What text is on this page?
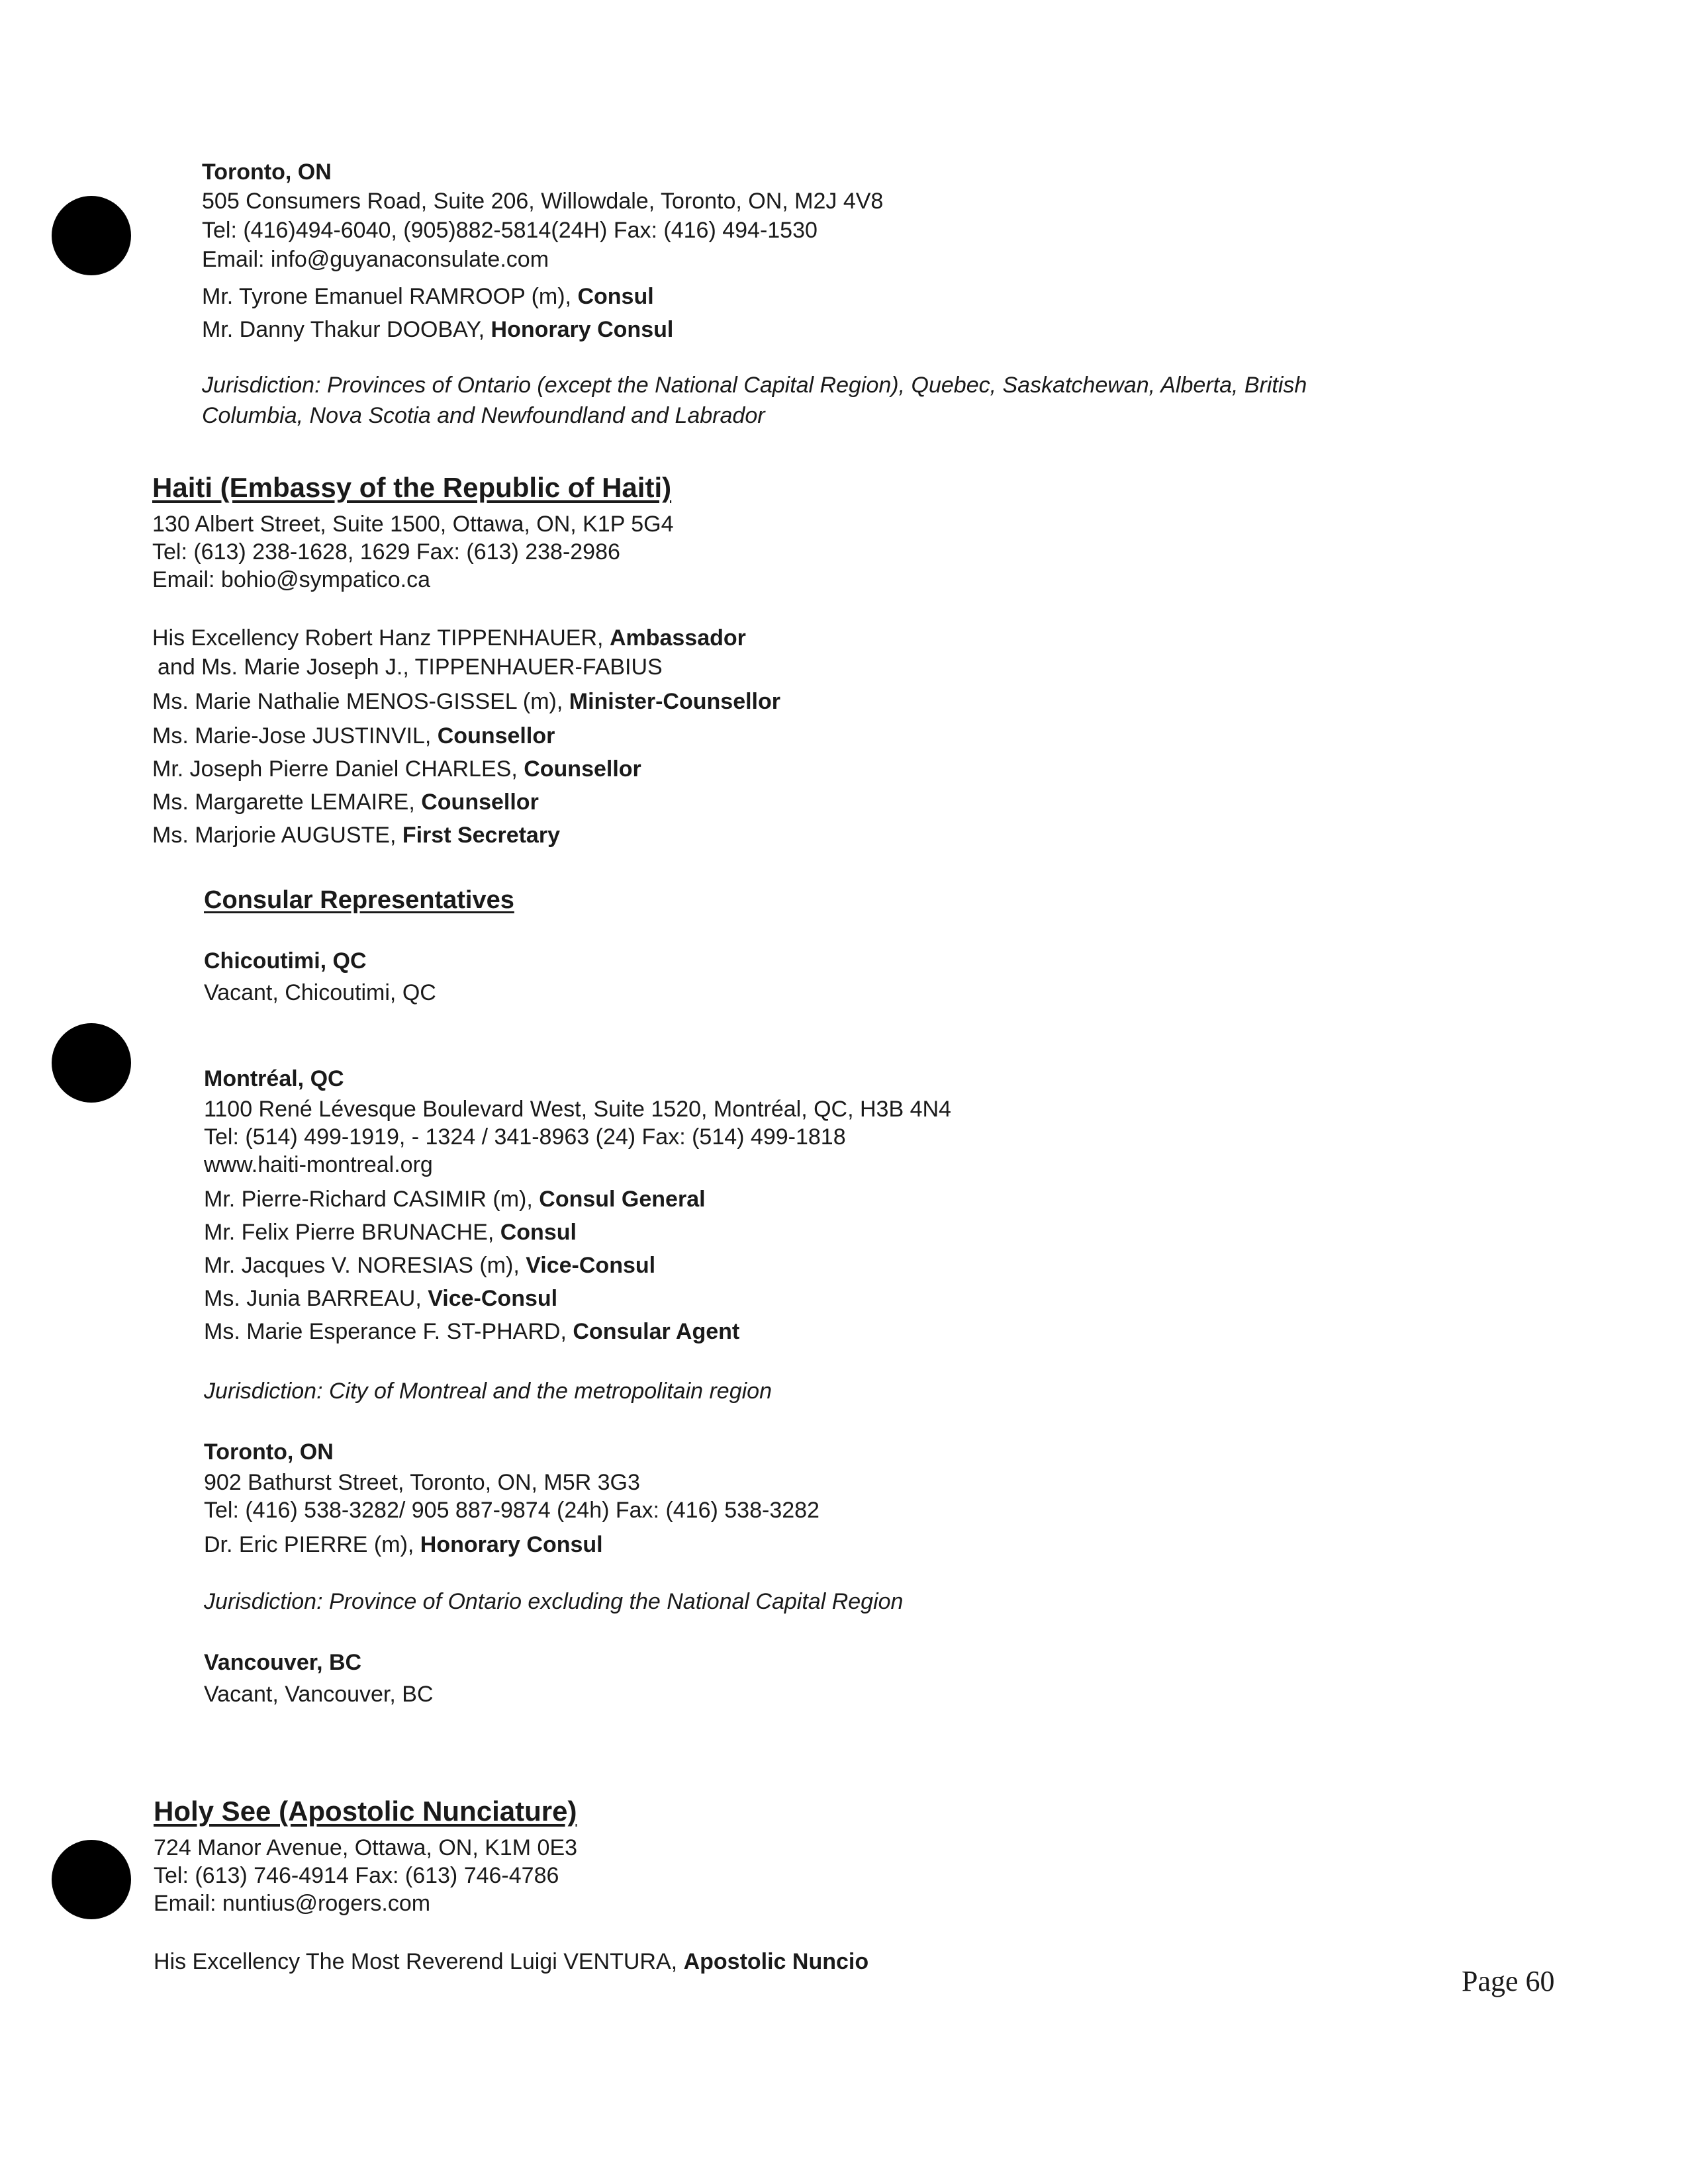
Toronto, ON

505 Consumers Road, Suite 206, Willowdale, Toronto, ON, M2J 4V8

Tel: (416)494-6040, (905)882-5814(24H) Fax: (416) 494-1530

Email: info@guyanaconsulate.com

Mr. Tyrone Emanuel RAMROOP (m), Consul

Mr. Danny Thakur DOOBAY, Honorary Consul

Jurisdiction: Provinces of Ontario (except the National Capital Region), Quebec, Saskatchewan, Alberta, British

Columbia, Nova Scotia and Newfoundland and Labrador

Haiti (Embassy of the Republic of Haiti)

130 Albert Street, Suite 1500, Ottawa, ON, K1P 5G4

Tel: (613) 238-1628, 1629 Fax: (613) 238-2986

Email: bohio@sympatico.ca

His Excellency Robert Hanz TIPPENHAUER, Ambassador

and Ms. Marie Joseph J., TIPPENHAUER-FABIUS

Ms. Marie Nathalie MENOS-GISSEL (m), Minister-Counsellor

Ms. Marie-Jose JUSTINVIL, Counsellor

Mr. Joseph Pierre Daniel CHARLES, Counsellor

Ms. Margarette LEMAIRE, Counsellor

Ms. Marjorie AUGUSTE, First Secretary

Consular Representatives

Chicoutimi, QC

Vacant, Chicoutimi, QC

Montréal, QC

1100 René Lévesque Boulevard West, Suite 1520, Montréal, QC, H3B 4N4

Tel: (514) 499-1919, - 1324 / 341-8963 (24) Fax: (514) 499-1818

www.haiti-montreal.org

Mr. Pierre-Richard CASIMIR (m), Consul General

Mr. Felix Pierre BRUNACHE, Consul

Mr. Jacques V. NORESIAS (m), Vice-Consul

Ms. Junia BARREAU, Vice-Consul

Ms. Marie Esperance F. ST-PHARD, Consular Agent

Jurisdiction: City of Montreal and the metropolitain region

Toronto, ON

902 Bathurst Street, Toronto, ON, M5R 3G3

Tel: (416) 538-3282/ 905 887-9874 (24h) Fax: (416) 538-3282

Dr. Eric PIERRE (m), Honorary Consul

Jurisdiction: Province of Ontario excluding the National Capital Region

Vancouver, BC

Vacant, Vancouver, BC

Holy See (Apostolic Nunciature)

724 Manor Avenue, Ottawa, ON, K1M 0E3

Tel: (613) 746-4914 Fax: (613) 746-4786

Email: nuntius@rogers.com

His Excellency The Most Reverend Luigi VENTURA, Apostolic Nuncio

Page 60
